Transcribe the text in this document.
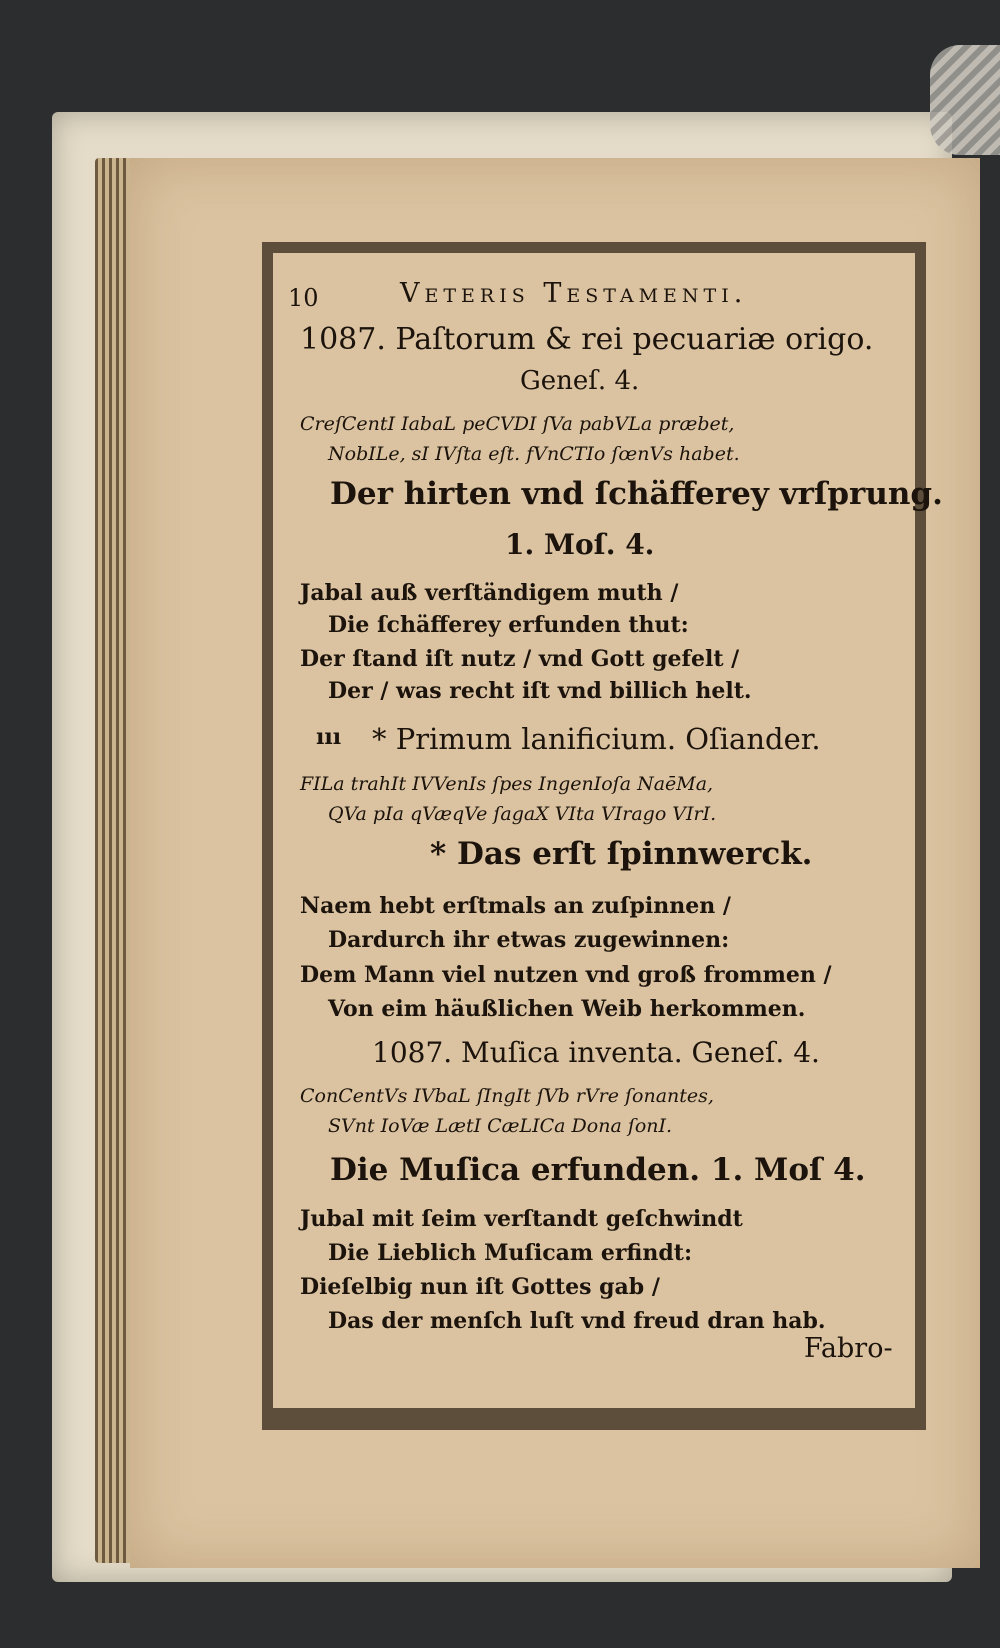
10	Veteris Testamenti.
1087. Paſtorum & rei pecuariæ origo.
Geneſ. 4.
CreſCentI IabaL peCVDI ſVa pabVLa præbet,
NobILe, sI IVſta eſt. fVnCTIo ſœnVs habet.
Der hirten vnd ſchäfferey vrſprung.
1. Moſ. 4.
Jabal auß verſtändigem muth /
Die ſchäfferey erfunden thut:
Der ſtand iſt nutz / vnd Gott gefelt /
Der / was recht iſt vnd billich helt.
ııı * Primum lanificium. Oſiander.
FILa trahIt IVVenIs ſpes IngenIoſa NaēMa,
QVa pIa qVæqVe ſagaX VIta VIrago VIrI.
* Das erſt ſpinnwerck.
Naem hebt erſtmals an zuſpinnen /
Dardurch ihr etwas zugewinnen:
Dem Mann viel nutzen vnd groß frommen /
Von eim häußlichen Weib herkommen.
1087. Muſica inventa. Geneſ. 4.
ConCentVs IVbaL ſIngIt ſVb rVre ſonantes,
SVnt IoVæ LætI CæLICa Dona ſonI.
Die Muſica erfunden. 1. Moſ 4.
Jubal mit ſeim verſtandt geſchwindt
Die Lieblich Muſicam erfindt:
Dieſelbig nun iſt Gottes gab /
Das der menſch luſt vnd freud dran hab.
Fabro-
